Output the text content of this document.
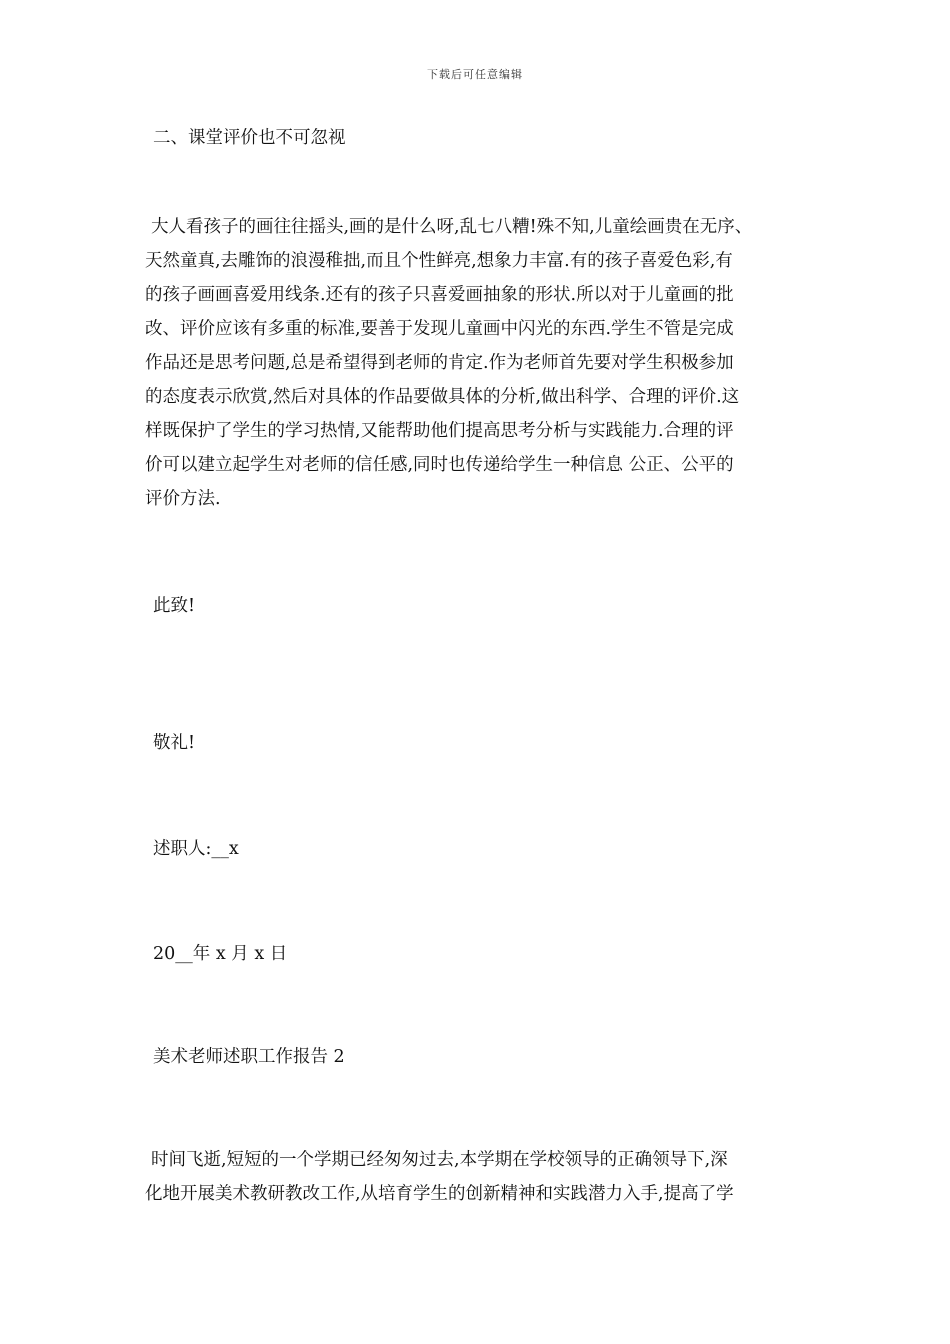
下载后可任意编辑
二、课堂评价也不可忽视
大人看孩子的画往往摇头,画的是什么呀,乱七八糟!殊不知,儿童绘画贵在无序、
天然童真,去雕饰的浪漫稚拙,而且个性鲜亮,想象力丰富.有的孩子喜爱色彩,有
的孩子画画喜爱用线条.还有的孩子只喜爱画抽象的形状.所以对于儿童画的批
改、评价应该有多重的标准,要善于发现儿童画中闪光的东西.学生不管是完成
作品还是思考问题,总是希望得到老师的肯定.作为老师首先要对学生积极参加
的态度表示欣赏,然后对具体的作品要做具体的分析,做出科学、合理的评价.这
样既保护了学生的学习热情,又能帮助他们提高思考分析与实践能力.合理的评
价可以建立起学生对老师的信任感,同时也传递给学生一种信息 公正、公平的
评价方法.
此致!
敬礼!
述职人:__x
20__年 x 月 x 日
美术老师述职工作报告 2
时间飞逝,短短的一个学期已经匆匆过去,本学期在学校领导的正确领导下,深
化地开展美术教研教改工作,从培育学生的创新精神和实践潜力入手,提高了学
